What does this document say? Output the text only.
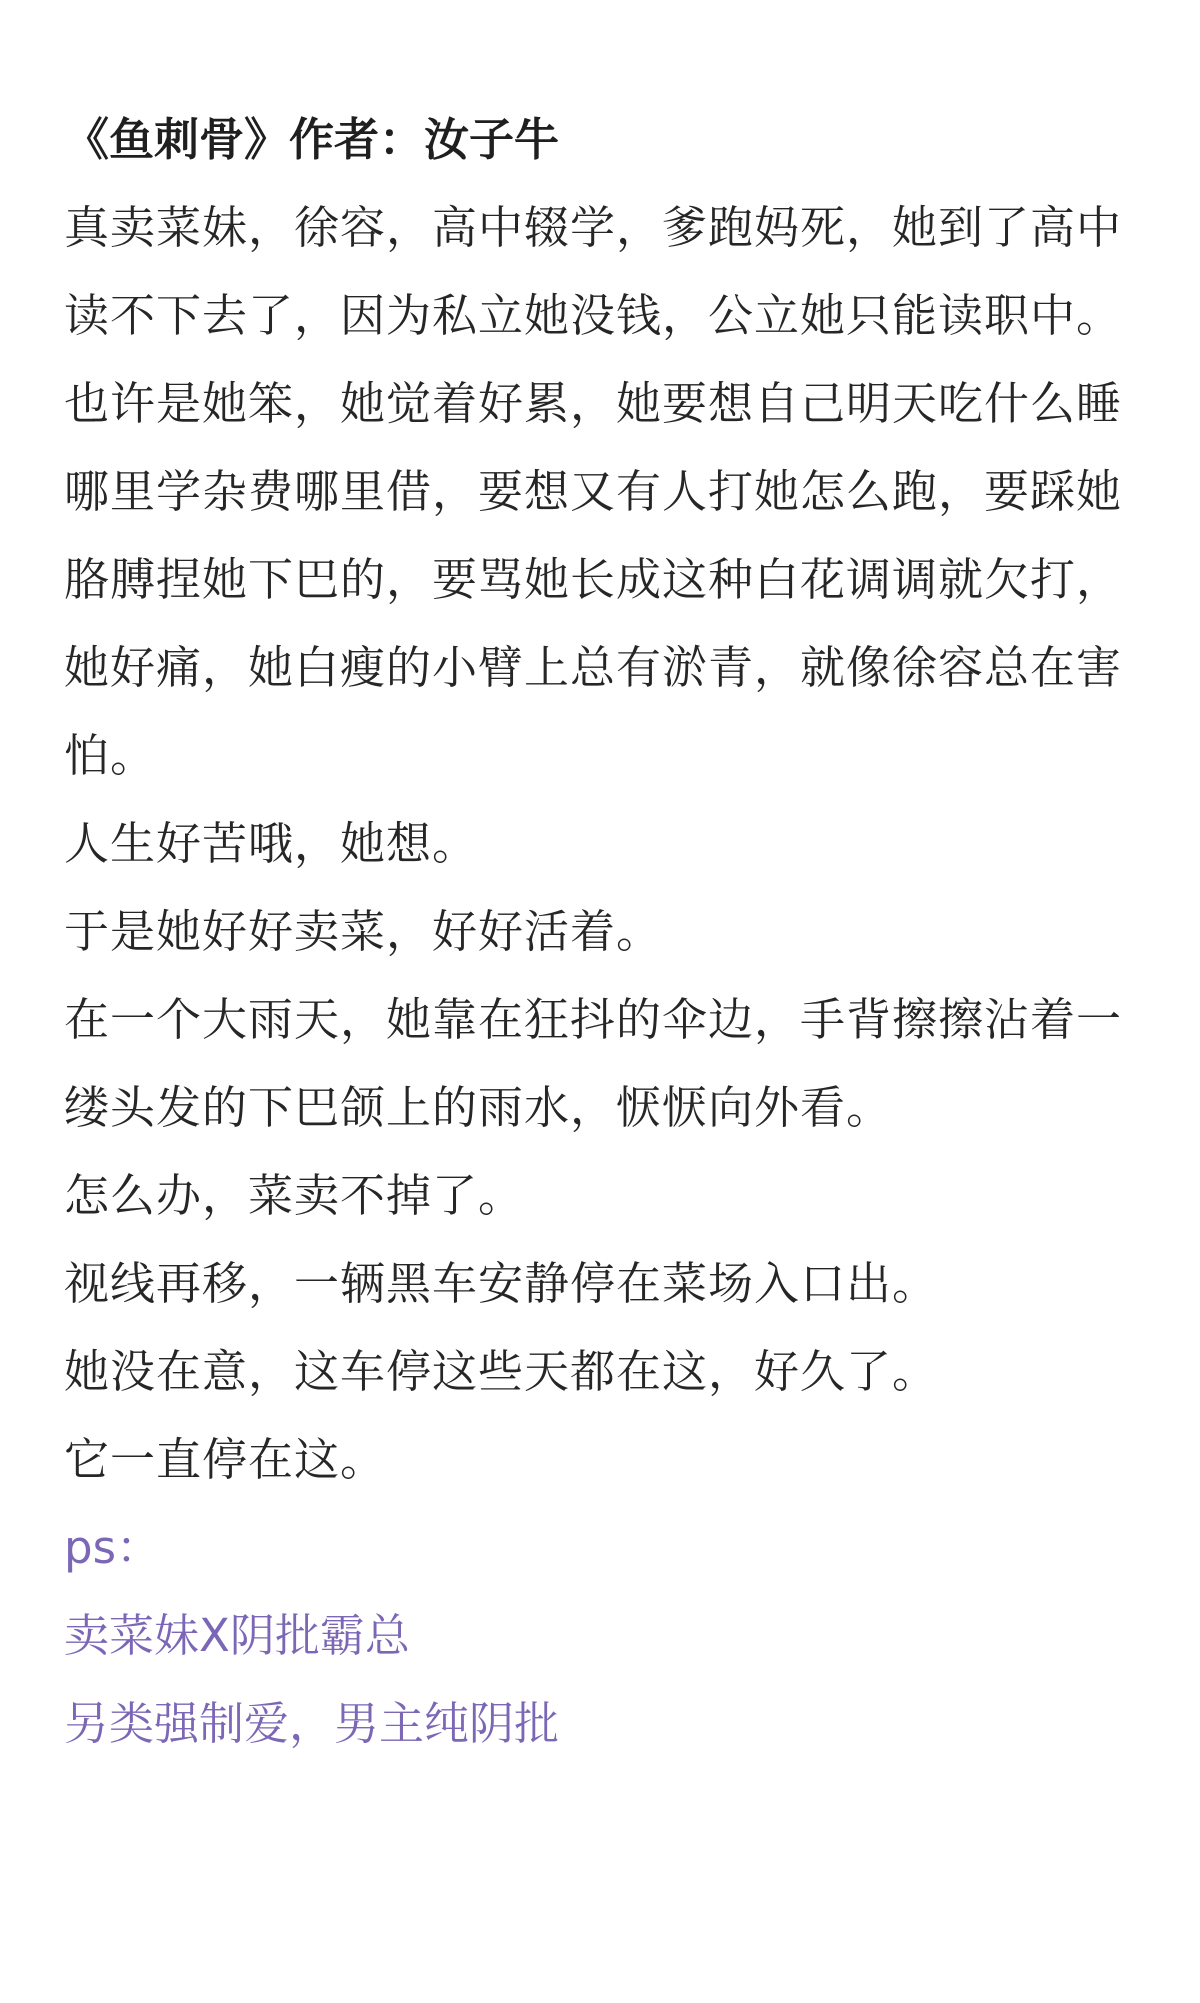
《鱼刺骨》作者：汝子牛

真卖菜妹，徐容，高中辍学，爹跑妈死，她到了高中读不下去了，因为私立她没钱，公立她只能读职中。

也许是她笨，她觉着好累，她要想自己明天吃什么睡哪里学杂费哪里借，要想又有人打她怎么跑，要踩她胳膊捏她下巴的，要骂她长成这种白花调调就欠打，她好痛，她白瘦的小臂上总有淤青，就像徐容总在害怕。

人生好苦哦，她想。

于是她好好卖菜，好好活着。

在一个大雨天，她靠在狂抖的伞边，手背擦擦沾着一缕头发的下巴颌上的雨水，恹恹向外看。

怎么办，菜卖不掉了。

视线再移，一辆黑车安静停在菜场入口出。

她没在意，这车停这些天都在这，好久了。

它一直停在这。

ps：

卖菜妹X阴批霸总

另类强制爱，男主纯阴批
